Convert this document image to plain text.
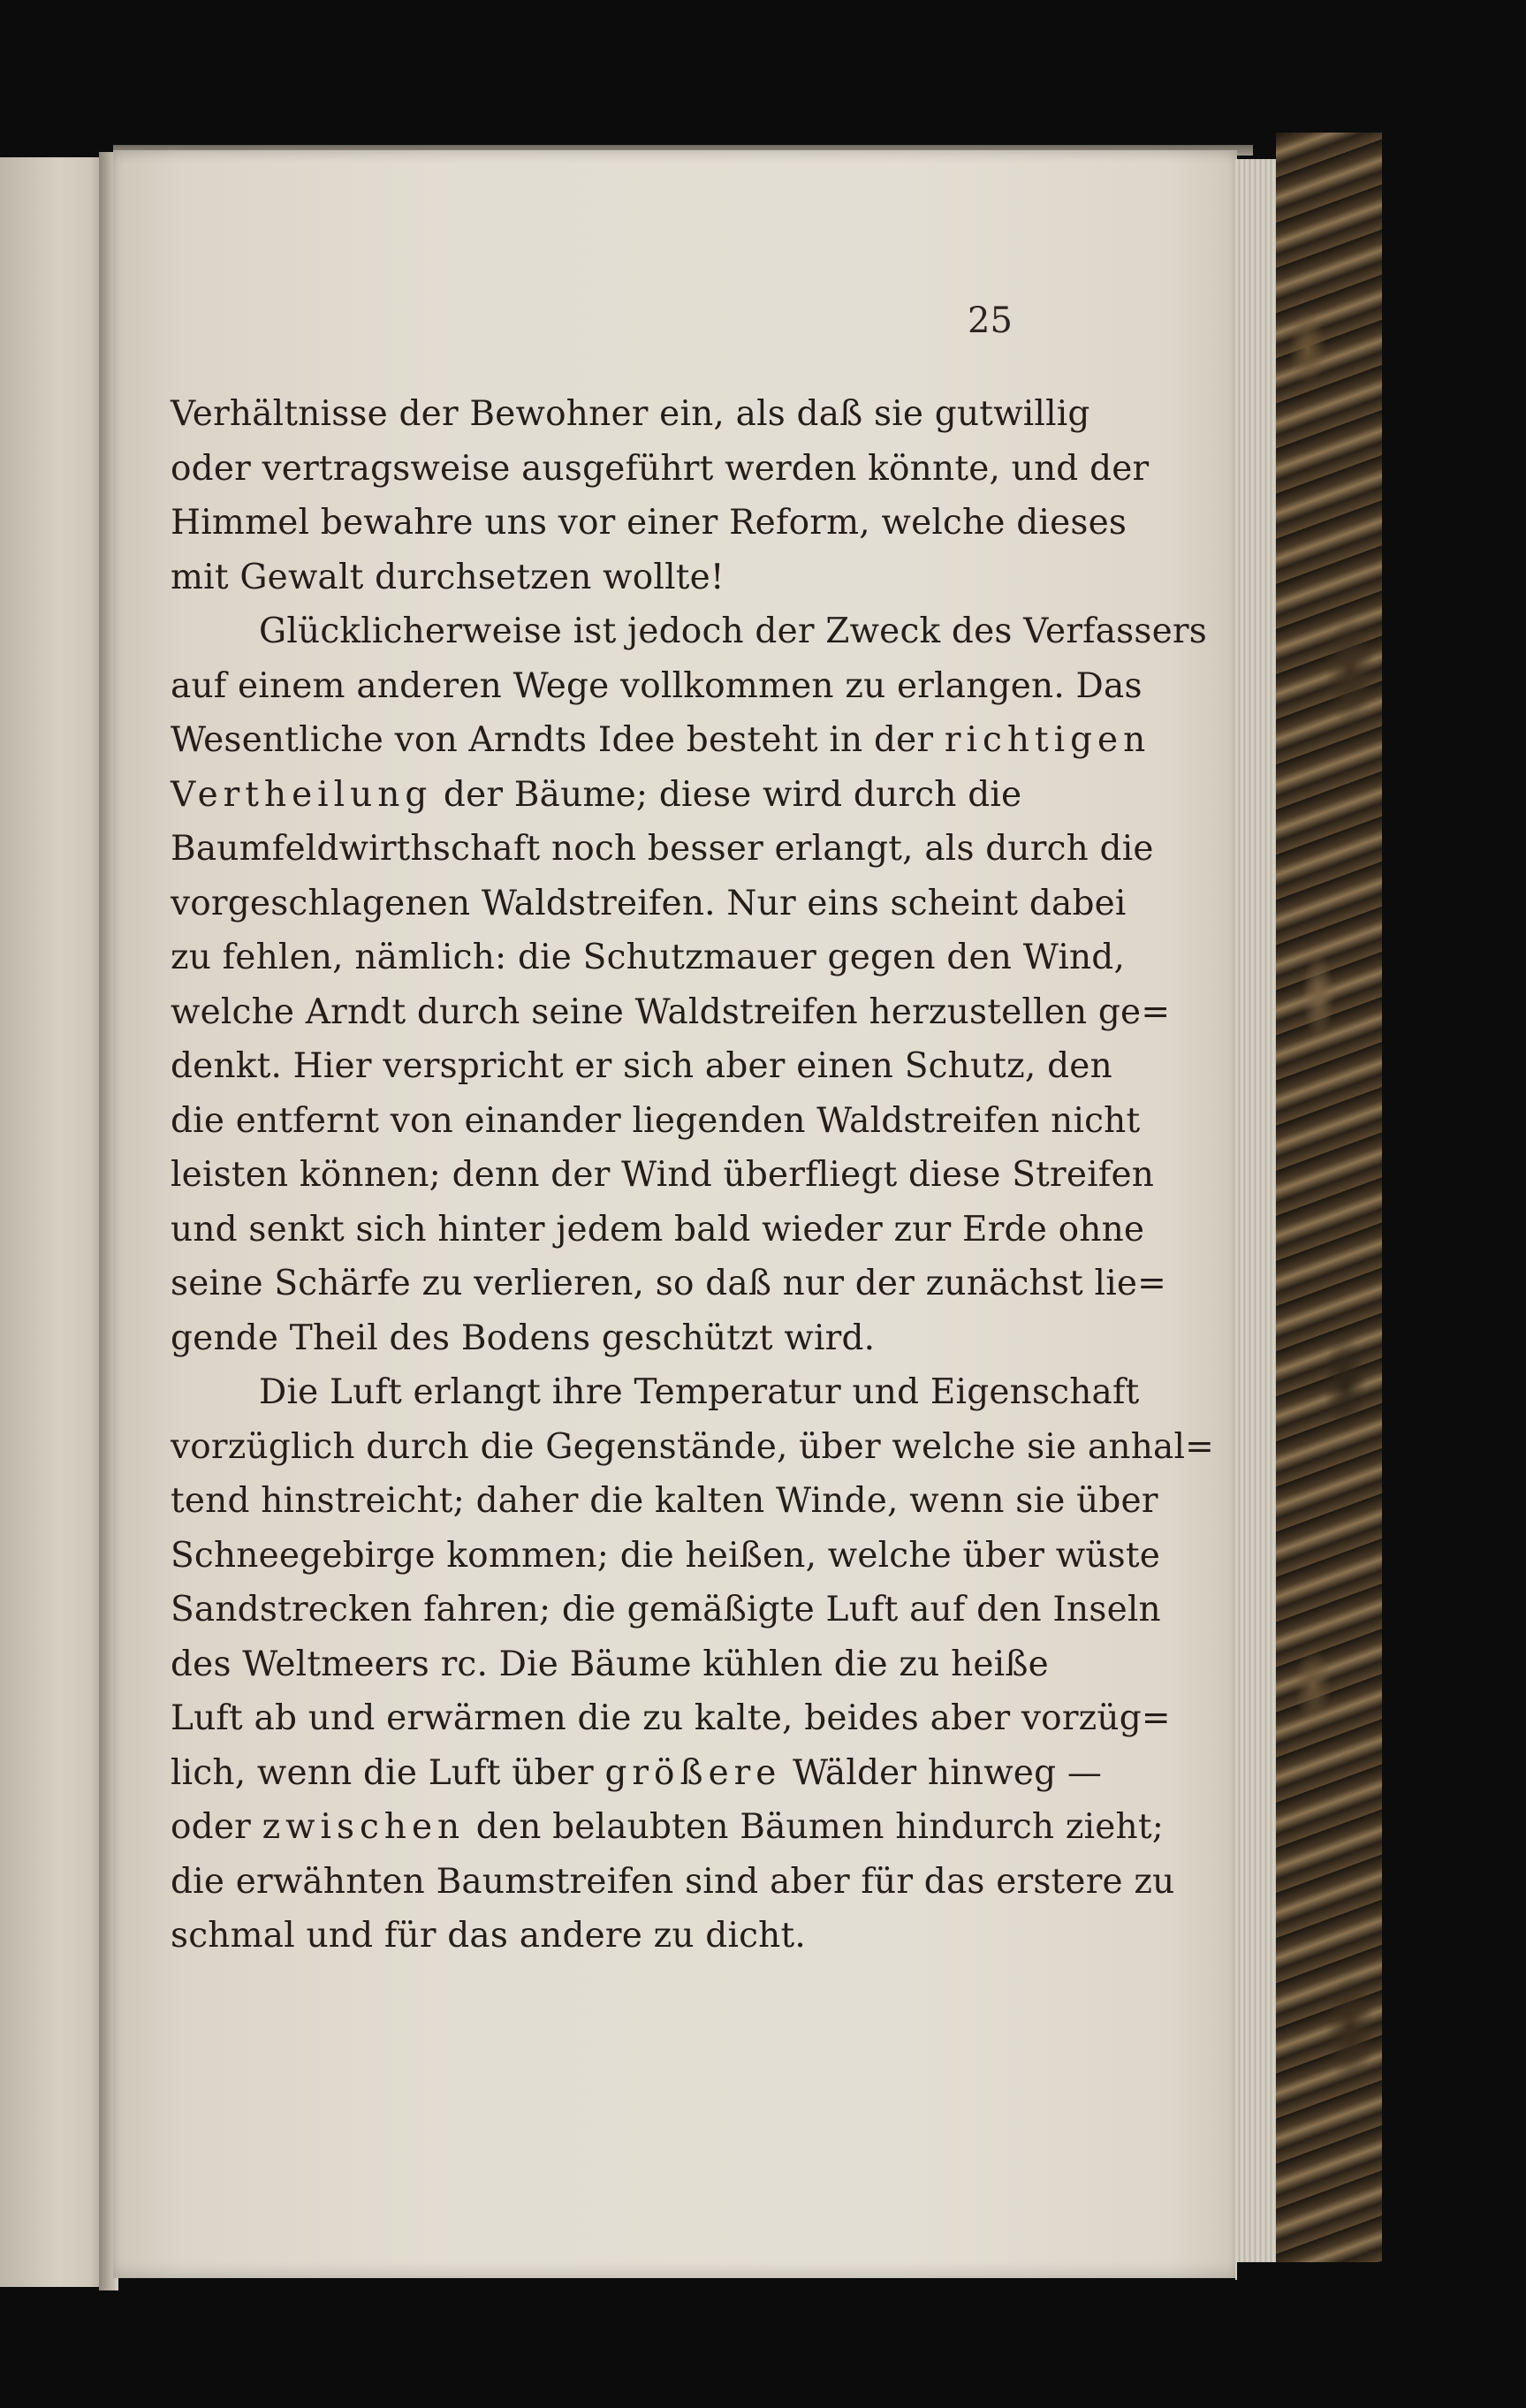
25
Verhältnisse der Bewohner ein, als daß sie gutwillig
oder vertragsweise ausgeführt werden könnte, und der
Himmel bewahre uns vor einer Reform, welche dieses
mit Gewalt durchsetzen wollte!
Glücklicherweise ist jedoch der Zweck des Verfassers
auf einem anderen Wege vollkommen zu erlangen. Das
Wesentliche von Arndts Idee besteht in der richtigen
Vertheilung der Bäume; diese wird durch die
Baumfeldwirthschaft noch besser erlangt, als durch die
vorgeschlagenen Waldstreifen. Nur eins scheint dabei
zu fehlen, nämlich: die Schutzmauer gegen den Wind,
welche Arndt durch seine Waldstreifen herzustellen ge=
denkt. Hier verspricht er sich aber einen Schutz, den
die entfernt von einander liegenden Waldstreifen nicht
leisten können; denn der Wind überfliegt diese Streifen
und senkt sich hinter jedem bald wieder zur Erde ohne
seine Schärfe zu verlieren, so daß nur der zunächst lie=
gende Theil des Bodens geschützt wird.
Die Luft erlangt ihre Temperatur und Eigenschaft
vorzüglich durch die Gegenstände, über welche sie anhal=
tend hinstreicht; daher die kalten Winde, wenn sie über
Schneegebirge kommen; die heißen, welche über wüste
Sandstrecken fahren; die gemäßigte Luft auf den Inseln
des Weltmeers rc. Die Bäume kühlen die zu heiße
Luft ab und erwärmen die zu kalte, beides aber vorzüg=
lich, wenn die Luft über größere Wälder hinweg —
oder zwischen den belaubten Bäumen hindurch zieht;
die erwähnten Baumstreifen sind aber für das erstere zu
schmal und für das andere zu dicht.
